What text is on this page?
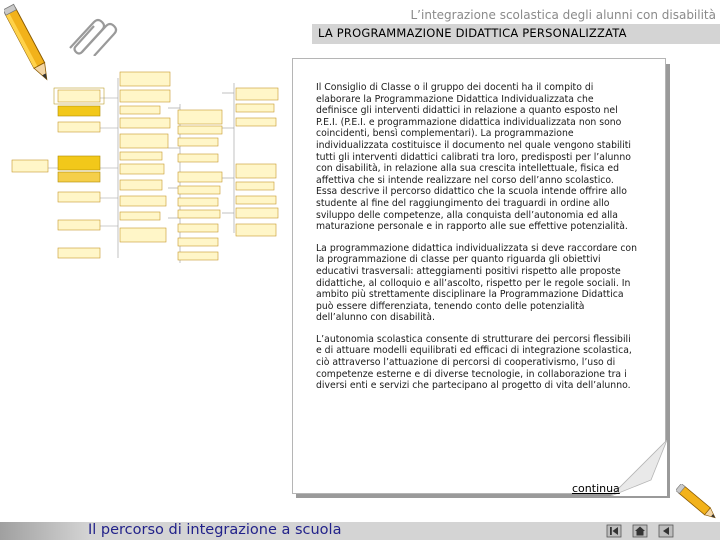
L’integrazione scolastica degli alunni con disabilità
LA PROGRAMMAZIONE DIDATTICA PERSONALIZZATA

Il Consiglio di Classe o il gruppo dei docenti ha il compito di elaborare la Programmazione Didattica Individualizzata che definisce gli interventi didattici in relazione a quanto esposto nel P.E.I. (P.E.I. e programmazione didattica individualizzata non sono coincidenti, bensì complementari). La programmazione individualizzata costituisce il documento nel quale vengono stabiliti tutti gli interventi didattici calibrati tra loro, predisposti per l’alunno con disabilità, in relazione alla sua crescita intellettuale, fisica ed affettiva che si intende realizzare nel corso dell’anno scolastico. Essa descrive il percorso didattico che la scuola intende offrire allo studente al fine del raggiungimento dei traguardi in ordine allo sviluppo delle competenze, alla conquista dell’autonomia ed alla maturazione personale e in rapporto alle sue effettive potenzialità.

La programmazione didattica individualizzata si deve raccordare con la programmazione di classe per quanto riguarda gli obiettivi educativi trasversali: atteggiamenti positivi rispetto alle proposte didattiche, al colloquio e all’ascolto, rispetto per le regole sociali. In ambito più strettamente disciplinare la Programmazione Didattica può essere differenziata, tenendo conto delle potenzialità dell’alunno con disabilità.

L’autonomia scolastica consente di strutturare dei percorsi flessibili e di attuare modelli equilibrati ed efficaci di integrazione scolastica, ciò attraverso l’attuazione di percorsi di cooperativismo, l’uso di competenze esterne e di diverse tecnologie, in collaborazione tra i diversi enti e servizi che partecipano al progetto di vita dell’alunno.

continua
Il percorso di integrazione a scuola
